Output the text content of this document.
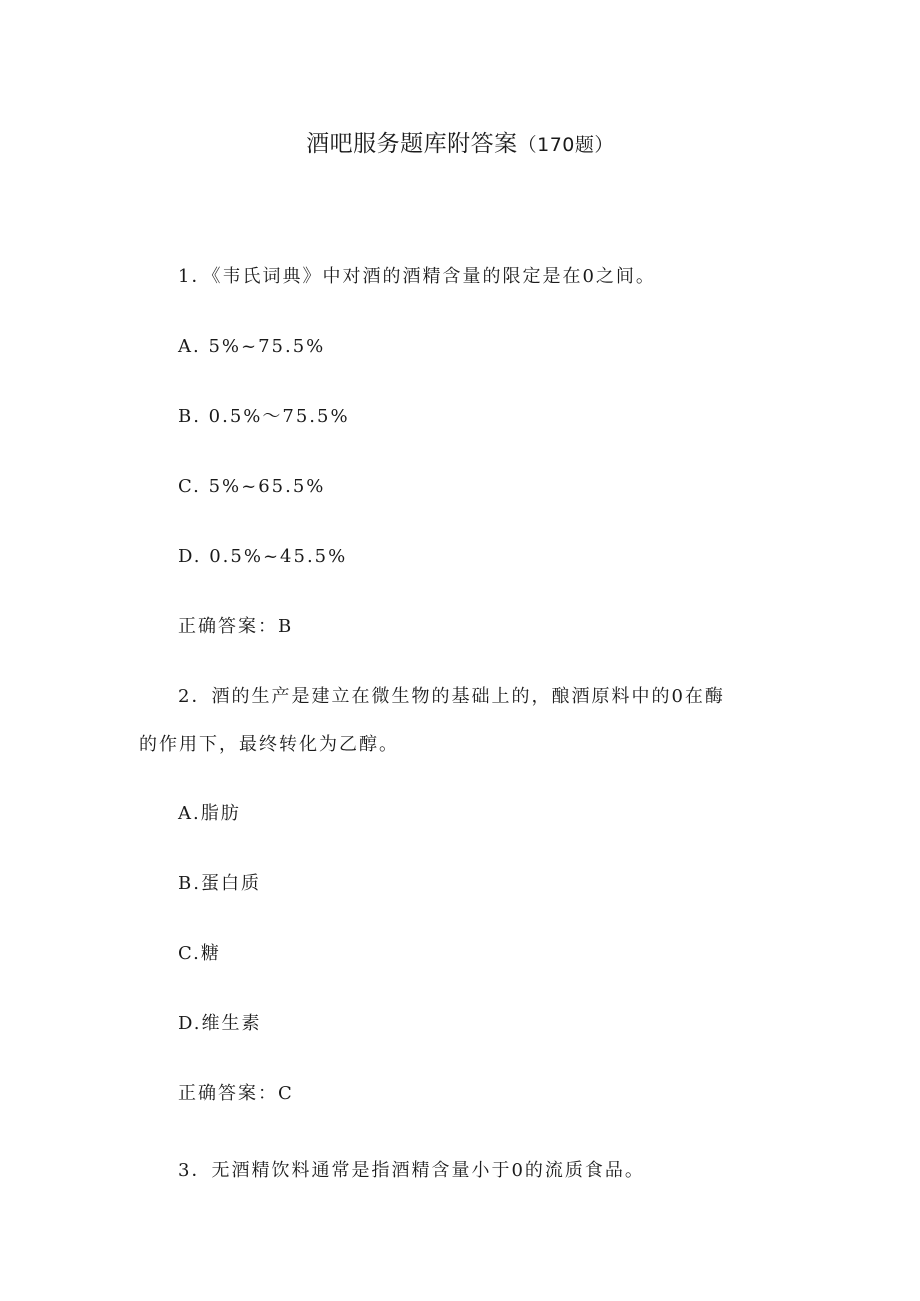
酒吧服务题库附答案（170题）
1．《韦氏词典》中对酒的酒精含量的限定是在0之间。
A. 5%~75.5%
B. 0.5%～75.5%
C. 5%~65.5%
D. 0.5%~45.5%
正确答案：B
2．酒的生产是建立在微生物的基础上的，酿酒原料中的0在酶
的作用下，最终转化为乙醇。
A.脂肪
B.蛋白质
C.糖
D.维生素
正确答案：C
3．无酒精饮料通常是指酒精含量小于0的流质食品。
